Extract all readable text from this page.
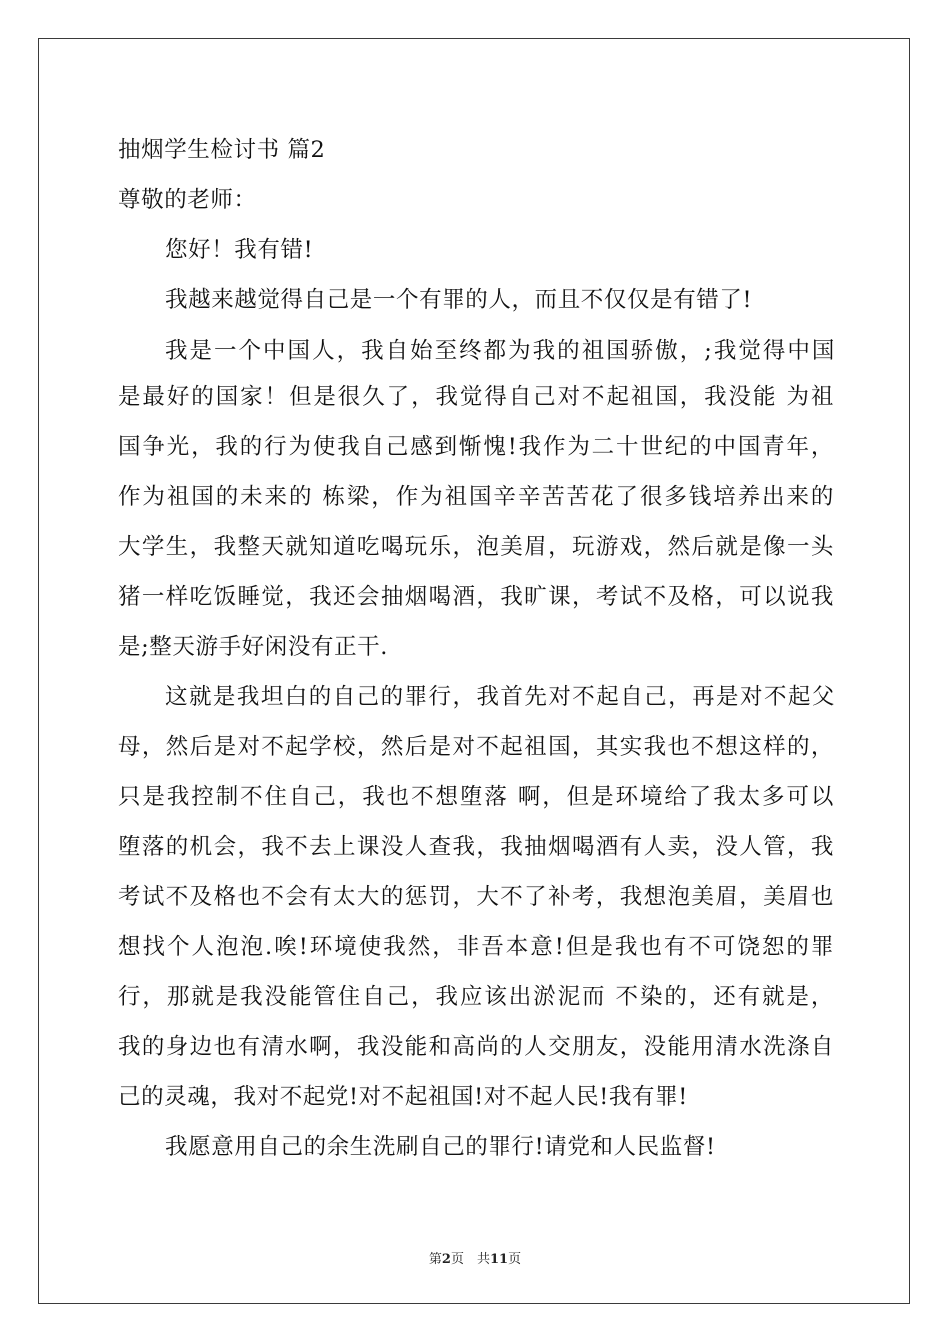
抽烟学生检讨书 篇2
尊敬的老师：
您好！我有错!
我越来越觉得自己是一个有罪的人，而且不仅仅是有错了!
我是一个中国人，我自始至终都为我的祖国骄傲，;我觉得中国
是最好的国家！但是很久了，我觉得自己对不起祖国，我没能 为祖
国争光，我的行为使我自己感到惭愧!我作为二十世纪的中国青年，
作为祖国的未来的 栋梁，作为祖国辛辛苦苦花了很多钱培养出来的
大学生，我整天就知道吃喝玩乐，泡美眉，玩游戏，然后就是像一头
猪一样吃饭睡觉，我还会抽烟喝酒，我旷课，考试不及格，可以说我
是;整天游手好闲没有正干.
这就是我坦白的自己的罪行，我首先对不起自己，再是对不起父
母，然后是对不起学校，然后是对不起祖国，其实我也不想这样的，
只是我控制不住自己，我也不想堕落 啊，但是环境给了我太多可以
堕落的机会，我不去上课没人查我，我抽烟喝酒有人卖，没人管，我
考试不及格也不会有太大的惩罚，大不了补考，我想泡美眉，美眉也
想找个人泡泡.唉!环境使我然，非吾本意!但是我也有不可饶恕的罪
行，那就是我没能管住自己，我应该出淤泥而 不染的，还有就是，
我的身边也有清水啊，我没能和高尚的人交朋友，没能用清水洗涤自
己的灵魂，我对不起党!对不起祖国!对不起人民!我有罪!
我愿意用自己的余生洗刷自己的罪行!请党和人民监督!
第2页　共11页
